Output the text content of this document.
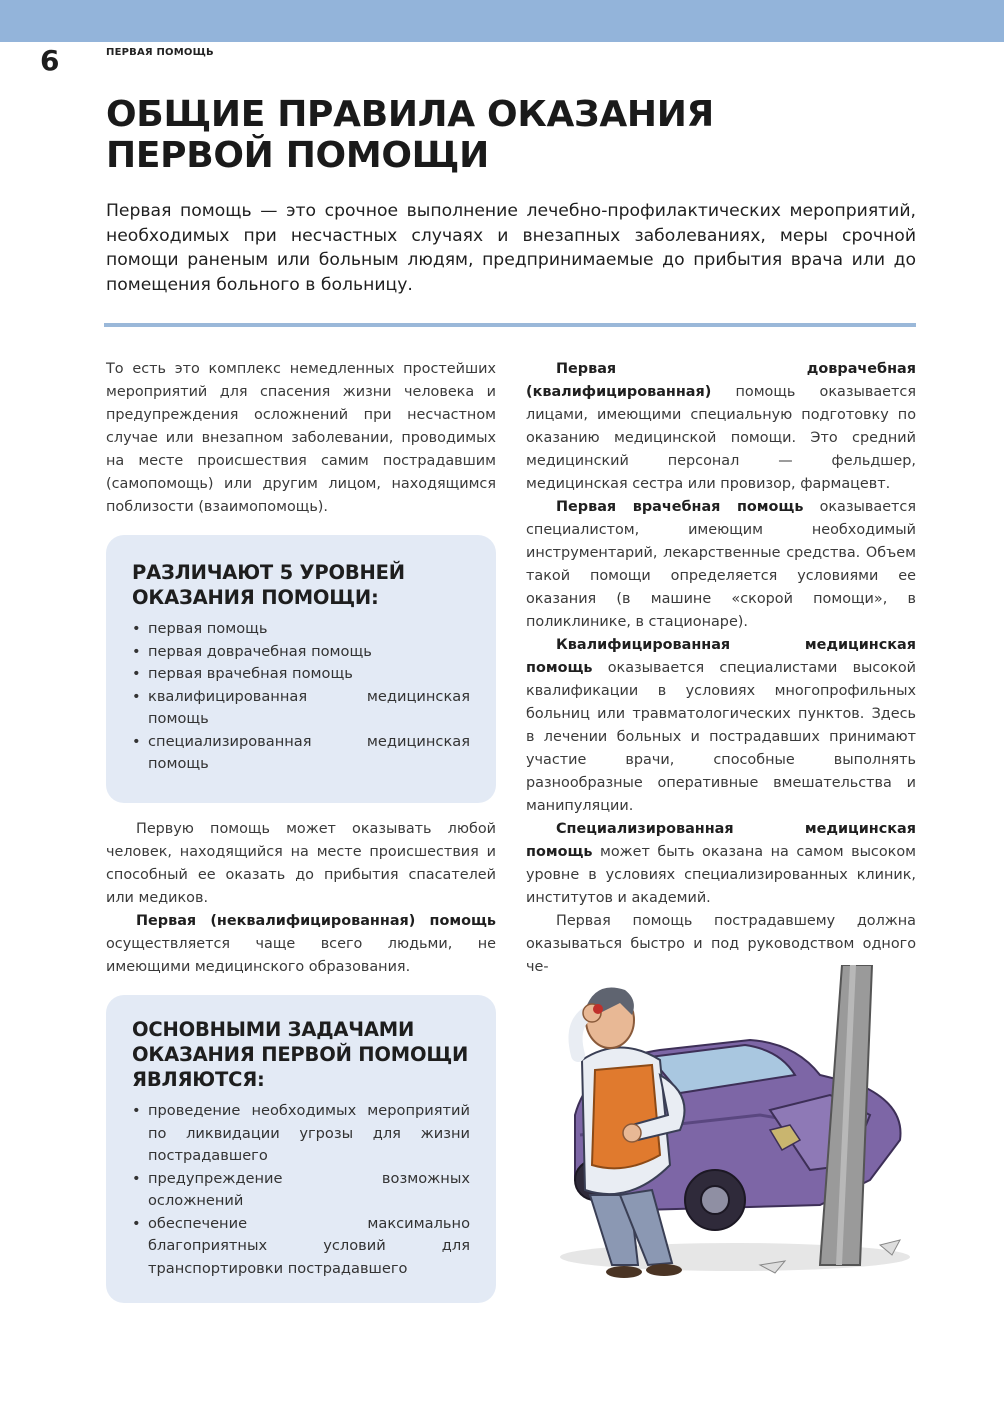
6	ПЕРВАЯ ПОМОЩЬ
ОБЩИЕ ПРАВИЛА ОКАЗАНИЯ
ПЕРВОЙ ПОМОЩИ

Первая помощь — это срочное выполнение лечебно-профилактических мероприятий, необходимых при несчастных случаях и внезапных заболеваниях, меры срочной помощи раненым или больным людям, предпринимаемые до прибытия врача или до помещения больного в больницу.

То есть это комплекс немедленных простейших мероприятий для спасения жизни человека и предупреждения осложнений при несчастном случае или внезапном заболевании, проводимых на месте происшествия самим пострадавшим (самопомощь) или другим лицом, находящимся поблизости (взаимопомощь).

РАЗЛИЧАЮТ 5 УРОВНЕЙ
ОКАЗАНИЯ ПОМОЩИ:
• первая помощь
• первая доврачебная помощь
• первая врачебная помощь
• квалифицированная медицинская помощь
• специализированная медицинская помощь

Первую помощь может оказывать любой человек, находящийся на месте происшествия и способный ее оказать до прибытия спасателей или медиков.

Первая (неквалифицированная) помощь осуществляется чаще всего людьми, не имеющими медицинского образования.

ОСНОВНЫМИ ЗАДАЧАМИ
ОКАЗАНИЯ ПЕРВОЙ ПОМОЩИ
ЯВЛЯЮТСЯ:
• проведение необходимых мероприятий по ликвидации угрозы для жизни пострадавшего
• предупреждение возможных осложнений
• обеспечение максимально благоприятных условий для транспортировки пострадавшего

Первая доврачебная (квалифицированная) помощь оказывается лицами, имеющими специальную подготовку по оказанию медицинской помощи. Это средний медицинский персонал — фельдшер, медицинская сестра или провизор, фармацевт.

Первая врачебная помощь оказывается специалистом, имеющим необходимый инструментарий, лекарственные средства. Объем такой помощи определяется условиями ее оказания (в машине «скорой помощи», в поликлинике, в стационаре).

Квалифицированная медицинская помощь оказывается специалистами высокой квалификации в условиях многопрофильных больниц или травматологических пунктов. Здесь в лечении больных и пострадавших принимают участие врачи, способные выполнять разнообразные оперативные вмешательства и манипуляции.

Специализированная медицинская помощь может быть оказана на самом высоком уровне в условиях специализированных клиник, институтов и академий.

Первая помощь пострадавшему должна оказываться быстро и под руководством одного че-
